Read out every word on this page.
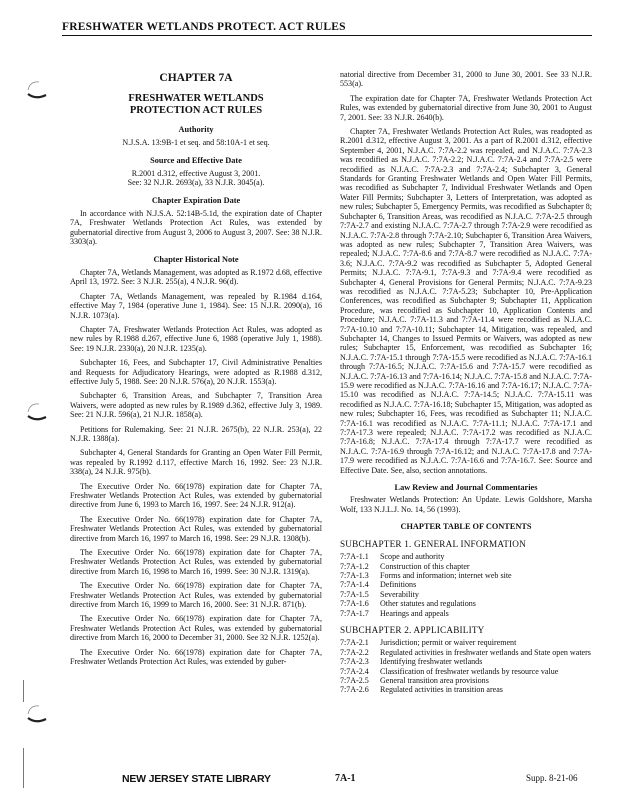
FRESHWATER WETLANDS PROTECT. ACT RULES
CHAPTER 7A
FRESHWATER WETLANDS
PROTECTION ACT RULES
Authority
N.J.S.A. 13:9B-1 et seq. and 58:10A-1 et seq.
Source and Effective Date
R.2001 d.312, effective August 3, 2001.
See: 32 N.J.R. 2693(a), 33 N.J.R. 3045(a).
Chapter Expiration Date

In accordance with N.J.S.A. 52:14B-5.1d, the expiration date of Chapter 7A, Freshwater Wetlands Protection Act Rules, was extended by gubernatorial directive from August 3, 2006 to August 3, 2007. See: 38 N.J.R. 3303(a).

Chapter Historical Note

Chapter 7A, Wetlands Management, was adopted as R.1972 d.68, effective April 13, 1972. See: 3 N.J.R. 255(a), 4 N.J.R. 96(d).

Chapter 7A, Wetlands Management, was repealed by R.1984 d.164, effective May 7, 1984 (operative June 1, 1984). See: 15 N.J.R. 2090(a), 16 N.J.R. 1073(a).

Chapter 7A, Freshwater Wetlands Protection Act Rules, was adopted as new rules by R.1988 d.267, effective June 6, 1988 (operative July 1, 1988). See: 19 N.J.R. 2330(a), 20 N.J.R. 1235(a).

Subchapter 16, Fees, and Subchapter 17, Civil Administrative Penalties and Requests for Adjudicatory Hearings, were adopted as R.1988 d.312, effective July 5, 1988. See: 20 N.J.R. 576(a), 20 N.J.R. 1553(a).

Subchapter 6, Transition Areas, and Subchapter 7, Transition Area Waivers, were adopted as new rules by R.1989 d.362, effective July 3, 1989. See: 21 N.J.R. 596(a), 21 N.J.R. 1858(a).

Petitions for Rulemaking. See: 21 N.J.R. 2675(b), 22 N.J.R. 253(a), 22 N.J.R. 1388(a).

Subchapter 4, General Standards for Granting an Open Water Fill Permit, was repealed by R.1992 d.117, effective March 16, 1992. See: 23 N.J.R. 338(a), 24 N.J.R. 975(b).

The Executive Order No. 66(1978) expiration date for Chapter 7A, Freshwater Wetlands Protection Act Rules, was extended by gubernatorial directive from June 6, 1993 to March 16, 1997. See: 24 N.J.R. 912(a).

The Executive Order No. 66(1978) expiration date for Chapter 7A, Freshwater Wetlands Protection Act Rules, was extended by gubernatorial directive from March 16, 1997 to March 16, 1998. See: 29 N.J.R. 1308(b).

The Executive Order No. 66(1978) expiration date for Chapter 7A, Freshwater Wetlands Protection Act Rules, was extended by gubernatorial directive from March 16, 1998 to March 16, 1999. See: 30 N.J.R. 1319(a).

The Executive Order No. 66(1978) expiration date for Chapter 7A, Freshwater Wetlands Protection Act Rules, was extended by gubernatorial directive from March 16, 1999 to March 16, 2000. See: 31 N.J.R. 871(b).

The Executive Order No. 66(1978) expiration date for Chapter 7A, Freshwater Wetlands Protection Act Rules, was extended by gubernatorial directive from March 16, 2000 to December 31, 2000. See 32 N.J.R. 1252(a).

The Executive Order No. 66(1978) expiration date for Chapter 7A, Freshwater Wetlands Protection Act Rules, was extended by guber-

natorial directive from December 31, 2000 to June 30, 2001. See 33 N.J.R. 553(a).

The expiration date for Chapter 7A, Freshwater Wetlands Protection Act Rules, was extended by gubernatorial directive from June 30, 2001 to August 7, 2001. See: 33 N.J.R. 2640(b).

Chapter 7A, Freshwater Wetlands Protection Act Rules, was readopted as R.2001 d.312, effective August 3, 2001. As a part of R.2001 d.312, effective September 4, 2001, N.J.A.C. 7:7A-2.2 was repealed, and N.J.A.C. 7:7A-2.3 was recodified as N.J.A.C. 7:7A-2.2; N.J.A.C. 7:7A-2.4 and 7:7A-2.5 were recodified as N.J.A.C. 7:7A-2.3 and 7:7A-2.4; Subchapter 3, General Standards for Granting Freshwater Wetlands and Open Water Fill Permits, was recodified as Subchapter 7, Individual Freshwater Wetlands and Open Water Fill Permits; Subchapter 3, Letters of Interpretation, was adopted as new rules; Subchapter 5, Emergency Permits, was recodified as Subchapter 8; Subchapter 6, Transition Areas, was recodified as N.J.A.C. 7:7A-2.5 through 7:7A-2.7 and existing N.J.A.C. 7:7A-2.7 through 7:7A-2.9 were recodified as N.J.A.C. 7:7A-2.8 through 7:7A-2.10; Subchapter 6, Transition Area Waivers, was adopted as new rules; Subchapter 7, Transition Area Waivers, was repealed; N.J.A.C. 7:7A-8.6 and 7:7A-8.7 were recodified as N.J.A.C. 7:7A-3.6; N.J.A.C. 7:7A-9.2 was recodified as Subchapter 5, Adopted General Permits; N.J.A.C. 7:7A-9.1, 7:7A-9.3 and 7:7A-9.4 were recodified as Subchapter 4, General Provisions for General Permits; N.J.A.C. 7:7A-9.23 was recodified as N.J.A.C. 7:7A-5.23; Subchapter 10, Pre-Application Conferences, was recodified as Subchapter 9; Subchapter 11, Application Procedure, was recodified as Subchapter 10, Application Contents and Procedure; N.J.A.C. 7:7A-11.3 and 7:7A-11.4 were recodified as N.J.A.C. 7:7A-10.10 and 7:7A-10.11; Subchapter 14, Mitigation, was repealed, and Subchapter 14, Changes to Issued Permits or Waivers, was adopted as new rules; Subchapter 15, Enforcement, was recodified as Subchapter 16; N.J.A.C. 7:7A-15.1 through 7:7A-15.5 were recodified as N.J.A.C. 7:7A-16.1 through 7:7A-16.5; N.J.A.C. 7:7A-15.6 and 7:7A-15.7 were recodified as N.J.A.C. 7:7A-16.13 and 7:7A-16.14; N.J.A.C. 7:7A-15.8 and N.J.A.C. 7:7A-15.9 were recodified as N.J.A.C. 7:7A-16.16 and 7:7A-16.17; N.J.A.C. 7:7A-15.10 was recodified as N.J.A.C. 7:7A-14.5; N.J.A.C. 7:7A-15.11 was recodified as N.J.A.C. 7:7A-16.18; Subchapter 15, Mitigation, was adopted as new rules; Subchapter 16, Fees, was recodified as Subchapter 11; N.J.A.C. 7:7A-16.1 was recodified as N.J.A.C. 7:7A-11.1; N.J.A.C. 7:7A-17.1 and 7:7A-17.3 were repealed; N.J.A.C. 7:7A-17.2 was recodified as N.J.A.C. 7:7A-16.8; N.J.A.C. 7:7A-17.4 through 7:7A-17.7 were recodified as N.J.A.C. 7:7A-16.9 through 7:7A-16.12; and N.J.A.C. 7:7A-17.8 and 7:7A-17.9 were recodified as N.J.A.C. 7:7A-16.6 and 7:7A-16.7. See: Source and Effective Date. See, also, section annotations.

Law Review and Journal Commentaries

Freshwater Wetlands Protection: An Update. Lewis Goldshore, Marsha Wolf, 133 N.J.L.J. No. 14, 56 (1993).

CHAPTER TABLE OF CONTENTS
SUBCHAPTER 1. GENERAL INFORMATION
7:7A-1.1	Scope and authority
7:7A-1.2	Construction of this chapter
7:7A-1.3	Forms and information; internet web site
7:7A-1.4	Definitions
7:7A-1.5	Severability
7:7A-1.6	Other statutes and regulations
7:7A-1.7	Hearings and appeals
SUBCHAPTER 2. APPLICABILITY
7:7A-2.1	Jurisdiction; permit or waiver requirement
7:7A-2.2	Regulated activities in freshwater wetlands and State open waters
7:7A-2.3	Identifying freshwater wetlands
7:7A-2.4	Classification of freshwater wetlands by resource value
7:7A-2.5	General transition area provisions
7:7A-2.6	Regulated activities in transition areas
NEW JERSEY STATE LIBRARY	7A-1	Supp. 8-21-06
